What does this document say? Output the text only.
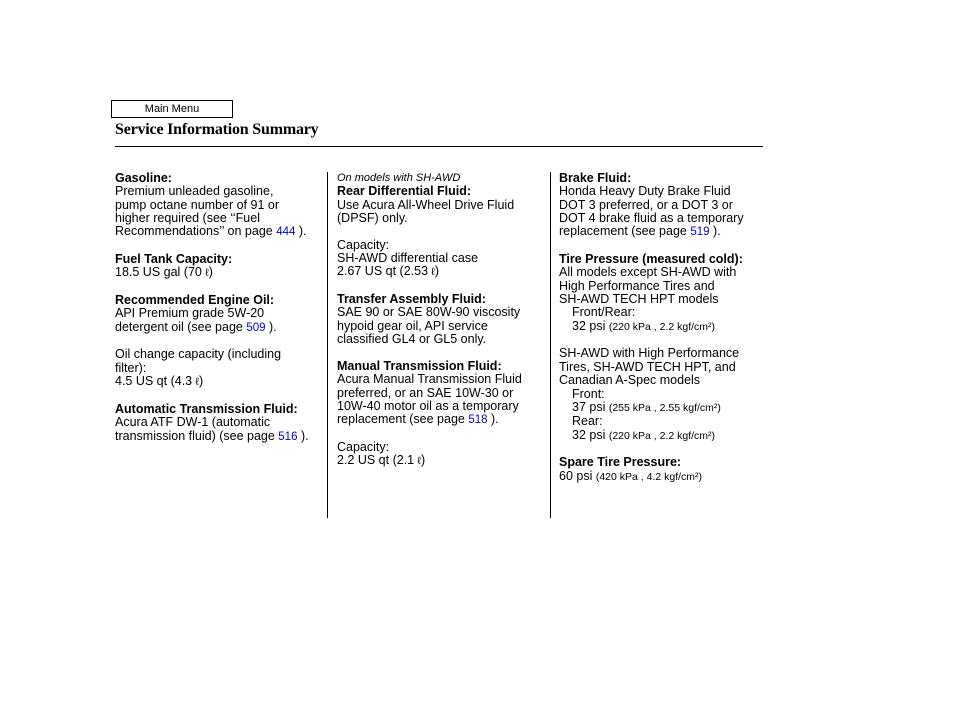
Main Menu
Service Information Summary
Gasoline:
Premium unleaded gasoline,
pump octane number of 91 or
higher required (see ‘‘Fuel
Recommendations’’ on page 444 ).
Fuel Tank Capacity:
18.5 US gal (70 ℓ)
Recommended Engine Oil:
API Premium grade 5W-20
detergent oil (see page 509 ).
Oil change capacity (including
filter):
4.5 US qt (4.3 ℓ)
Automatic Transmission Fluid:
Acura ATF DW-1 (automatic
transmission fluid) (see page 516 ).
On models with SH-AWD
Rear Differential Fluid:
Use Acura All-Wheel Drive Fluid
(DPSF) only.
Capacity:
SH-AWD differential case
2.67 US qt (2.53 ℓ)
Transfer Assembly Fluid:
SAE 90 or SAE 80W-90 viscosity
hypoid gear oil, API service
classified GL4 or GL5 only.
Manual Transmission Fluid:
Acura Manual Transmission Fluid
preferred, or an SAE 10W-30 or
10W-40 motor oil as a temporary
replacement (see page 518 ).
Capacity:
2.2 US qt (2.1 ℓ)
Brake Fluid:
Honda Heavy Duty Brake Fluid
DOT 3 preferred, or a DOT 3 or
DOT 4 brake fluid as a temporary
replacement (see page 519 ).
Tire Pressure (measured cold):
All models except SH-AWD with
High Performance Tires and
SH-AWD TECH HPT models
Front/Rear:
32 psi (220 kPa , 2.2 kgf/cm²)
SH-AWD with High Performance
Tires, SH-AWD TECH HPT, and
Canadian A-Spec models
Front:
37 psi (255 kPa , 2.55 kgf/cm²)
Rear:
32 psi (220 kPa , 2.2 kgf/cm²)
Spare Tire Pressure:
60 psi (420 kPa , 4.2 kgf/cm²)
